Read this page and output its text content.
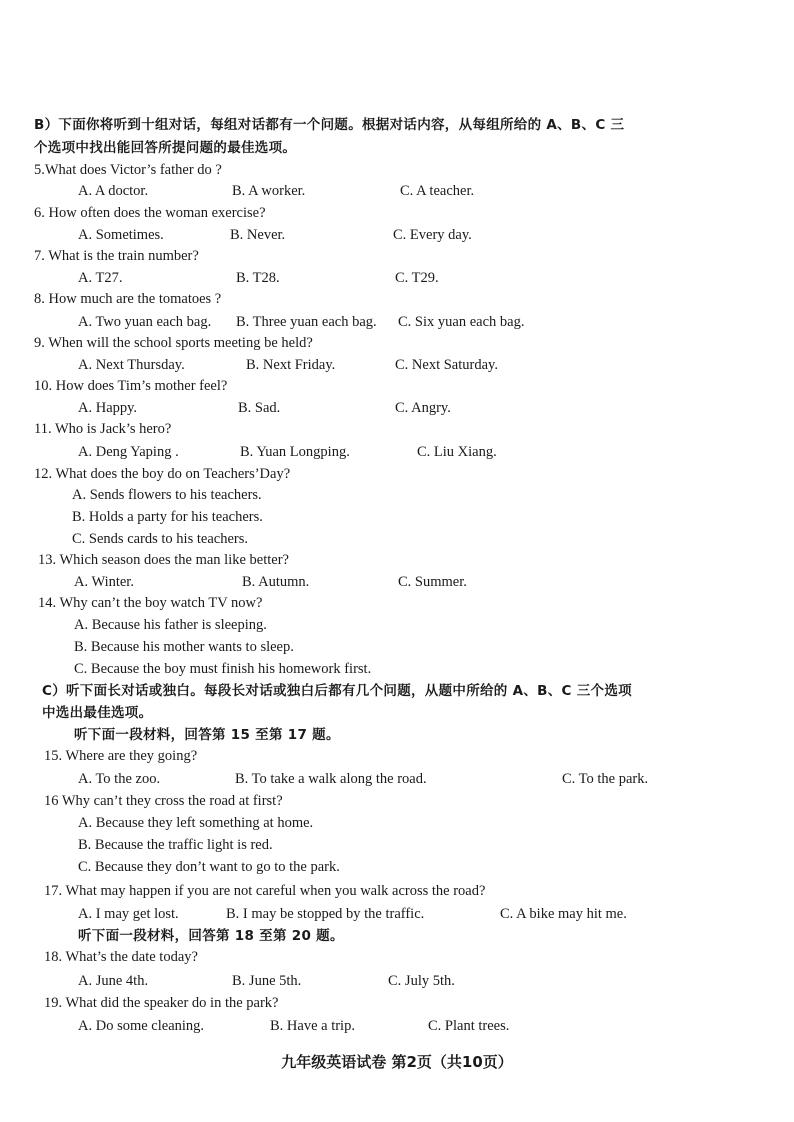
B）下面你将听到十组对话，每组对话都有一个问题。根据对话内容，从每组所给的 A、B、C 三
个选项中找出能回答所提问题的最佳选项。
5.What does Victor’s father do ?
A. A doctor.	B. A worker.	C. A teacher.
6. How often does the woman exercise?
A. Sometimes.	B. Never.	C. Every day.
7. What is the train number?
A. T27.	B. T28.	C. T29.
8. How much are the tomatoes ?
A. Two yuan each bag. B. Three yuan each bag. C. Six yuan each bag.
9. When will the school sports meeting be held?
A. Next Thursday.	B. Next Friday.	C. Next Saturday.
10. How does Tim’s mother feel?
A. Happy.	B. Sad.	C. Angry.
11. Who is Jack’s hero?
A. Deng Yaping .	B. Yuan Longping.	C. Liu Xiang.
12. What does the boy do on Teachers’Day?
A. Sends flowers to his teachers.
B. Holds a party for his teachers.
C. Sends cards to his teachers.
13. Which season does the man like better?
A. Winter.	B. Autumn.	C. Summer.
14. Why can’t the boy watch TV now?
A. Because his father is sleeping.
B. Because his mother wants to sleep.
C. Because the boy must finish his homework first.
C）听下面长对话或独白。每段长对话或独白后都有几个问题，从题中所给的 A、B、C 三个选项
中选出最佳选项。
听下面一段材料，回答第 15 至第 17 题。
15. Where are they going?
A. To the zoo.	B. To take a walk along the road.	C. To the park.
16 Why can’t they cross the road at first?
A. Because they left something at home.
B. Because the traffic light is red.
C. Because they don’t want to go to the park.
17. What may happen if you are not careful when you walk across the road?
A. I may get lost.	B. I may be stopped by the traffic.	C. A bike may hit me.
听下面一段材料，回答第 18 至第 20 题。
18. What’s the date today?
A. June 4th.	B. June 5th.	C. July 5th.
19. What did the speaker do in the park?
A. Do some cleaning.	B. Have a trip.	C. Plant trees.
九年级英语试卷 第2页（共10页）
